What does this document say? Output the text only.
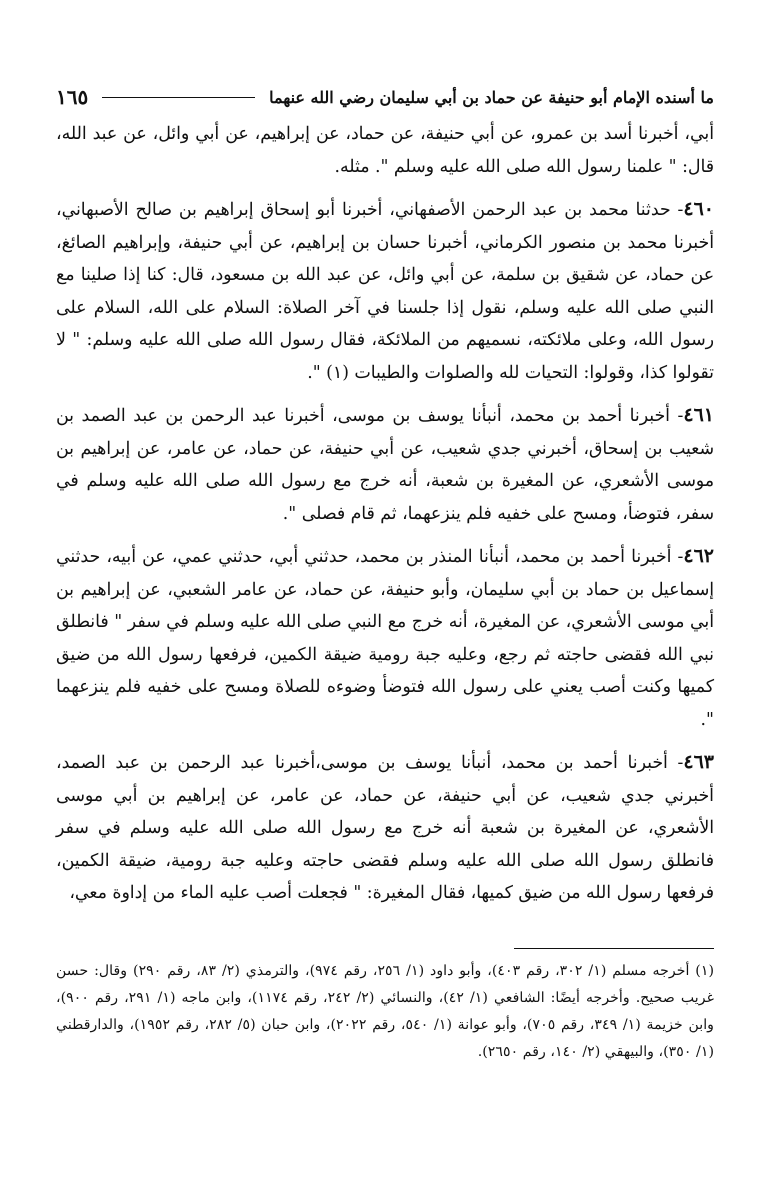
ما أسنده الإمام أبو حنيفة عن حماد بن أبي سليمان رضي الله عنهما
١٦٥

أبي، أخبرنا أسد بن عمرو، عن أبي حنيفة، عن حماد، عن إبراهيم، عن أبي وائل، عن عبد الله، قال: " علمنا رسول الله صلى الله عليه وسلم ". مثله.

٤٦٠- حدثنا محمد بن عبد الرحمن الأصفهاني، أخبرنا أبو إسحاق إبراهيم بن صالح الأصبهاني، أخبرنا محمد بن منصور الكرماني، أخبرنا حسان بن إبراهيم، عن أبي حنيفة، وإبراهيم الصائغ، عن حماد، عن شقيق بن سلمة، عن أبي وائل، عن عبد الله بن مسعود، قال: كنا إذا صلينا مع النبي صلى الله عليه وسلم، نقول إذا جلسنا في آخر الصلاة: السلام على الله، السلام على رسول الله، وعلى ملائكته، نسميهم من الملائكة، فقال رسول الله صلى الله عليه وسلم: " لا تقولوا كذا، وقولوا: التحيات لله والصلوات والطيبات (١) ".

٤٦١- أخبرنا أحمد بن محمد، أنبأنا يوسف بن موسى، أخبرنا عبد الرحمن بن عبد الصمد بن شعيب بن إسحاق، أخبرني جدي شعيب، عن أبي حنيفة، عن حماد، عن عامر، عن إبراهيم بن موسى الأشعري، عن المغيرة بن شعبة، أنه خرج مع رسول الله صلى الله عليه وسلم في سفر، فتوضأ، ومسح على خفيه فلم ينزعهما، ثم قام فصلى ".

٤٦٢- أخبرنا أحمد بن محمد، أنبأنا المنذر بن محمد، حدثني أبي، حدثني عمي، عن أبيه، حدثني إسماعيل بن حماد بن أبي سليمان، وأبو حنيفة، عن حماد، عن عامر الشعبي، عن إبراهيم بن أبي موسى الأشعري، عن المغيرة، أنه خرج مع النبي صلى الله عليه وسلم في سفر " فانطلق نبي الله فقضى حاجته ثم رجع، وعليه جبة رومية ضيقة الكمين، فرفعها رسول الله من ضيق كميها وكنت أصب يعني على رسول الله فتوضأ وضوءه للصلاة ومسح على خفيه فلم ينزعهما ".

٤٦٣- أخبرنا أحمد بن محمد، أنبأنا يوسف بن موسى،أخبرنا عبد الرحمن بن عبد الصمد، أخبرني جدي شعيب، عن أبي حنيفة، عن حماد، عن عامر، عن إبراهيم بن أبي موسى الأشعري، عن المغيرة بن شعبة أنه خرج مع رسول الله صلى الله عليه وسلم في سفر فانطلق رسول الله صلى الله عليه وسلم فقضى حاجته وعليه جبة رومية، ضيقة الكمين، فرفعها رسول الله من ضيق كميها، فقال المغيرة: " فجعلت أصب عليه الماء من إداوة معي،

(١) أخرجه مسلم (١/ ٣٠٢، رقم ٤٠٣)، وأبو داود (١/ ٢٥٦، رقم ٩٧٤)، والترمذي (٢/ ٨٣، رقم ٢٩٠) وقال: حسن غريب صحيح. وأخرجه أيضًا: الشافعي (١/ ٤٢)، والنسائي (٢/ ٢٤٢، رقم ١١٧٤)، وابن ماجه (١/ ٢٩١، رقم ٩٠٠)، وابن خزيمة (١/ ٣٤٩، رقم ٧٠٥)، وأبو عوانة (١/ ٥٤٠، رقم ٢٠٢٢)، وابن حبان (٥/ ٢٨٢، رقم ١٩٥٢)، والدارقطني (١/ ٣٥٠)، والبيهقي (٢/ ١٤٠، رقم ٢٦٥٠).
